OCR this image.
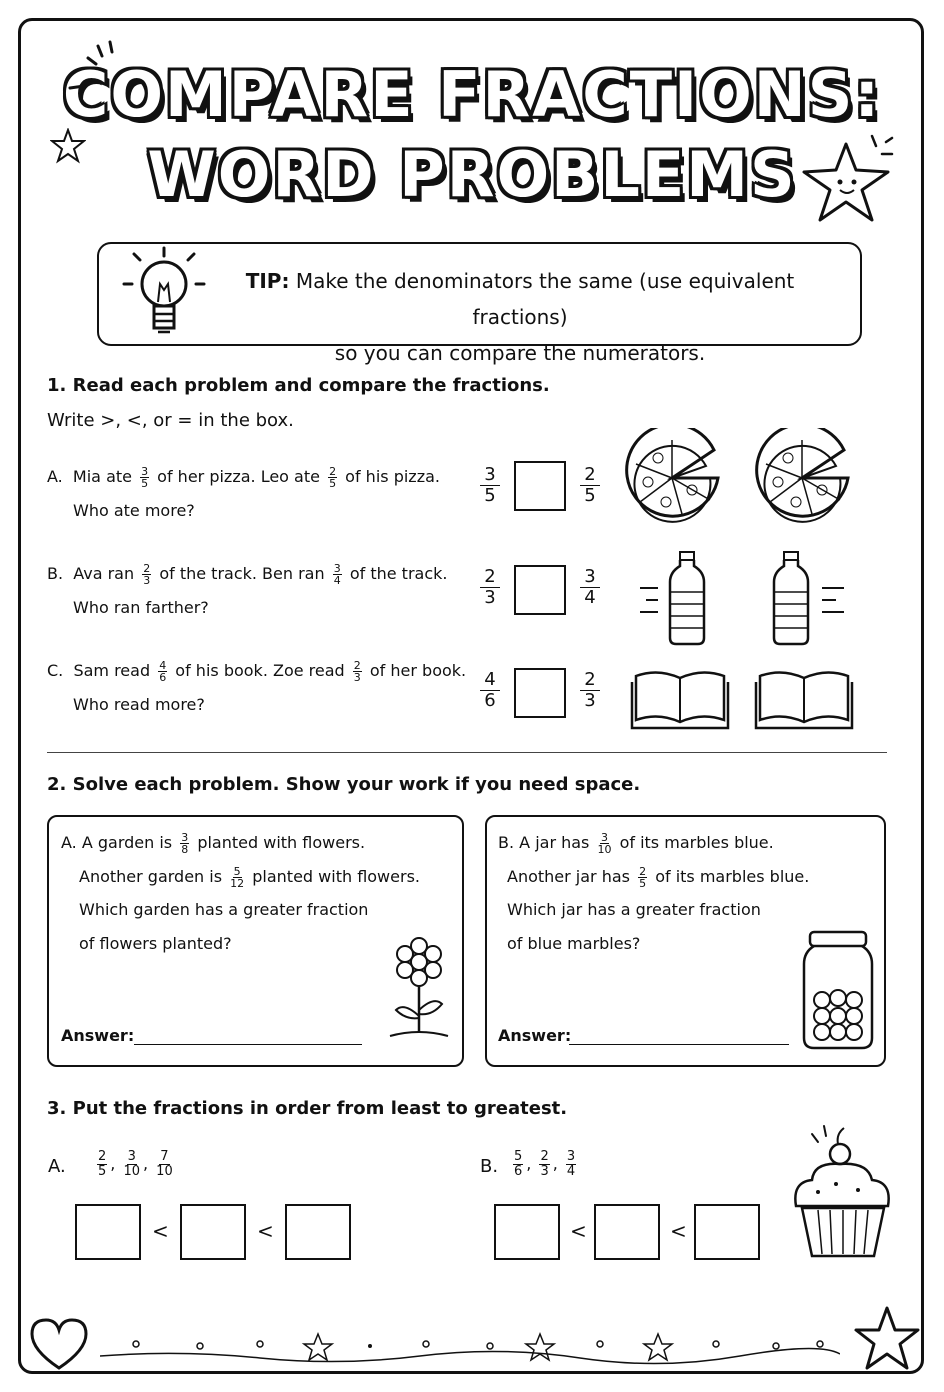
COMPARE FRACTIONS:
WORD PROBLEMS
TIP: Make the denominators the same (use equivalent fractions)
so you can compare the numerators.
1. Read each problem and compare the fractions.
Write >, <, or = in the box.
A. Mia ate $\frac{3}{5}$ of her pizza. Leo ate $\frac{2}{5}$ of his pizza.
Who ate more?
$\frac{3}{5}$	$\frac{2}{5}$
B. Ava ran $\frac{2}{3}$ of the track. Ben ran $\frac{3}{4}$ of the track.
Who ran farther?	$\frac{2}{3}$	$\frac{3}{4}$
C. Sam read $\frac{4}{6}$ of his book. Zoe read $\frac{2}{3}$ of her book.
Who read more?	$\frac{4}{6}$	$\frac{2}{3}$
2. Solve each problem. Show your work if you need space.
A. A garden is $\frac{3}{8}$ planted with flowers.
Another garden is $\frac{5}{12}$ planted with flowers.
Which garden has a greater fraction
of flowers planted?
Answer:
B. A jar has $\frac{3}{10}$ of its marbles blue.
Another jar has $\frac{2}{5}$ of its marbles blue.
Which jar has a greater fraction
of blue marbles?
Answer:
3. Put the fractions in order from least to greatest.
A. $\frac{2}{5}$ , $\frac{3}{10}$ , $\frac{7}{10}$
<	<
B. $\frac{5}{6}$ , $\frac{2}{3}$ , $\frac{3}{4}$
<	<
